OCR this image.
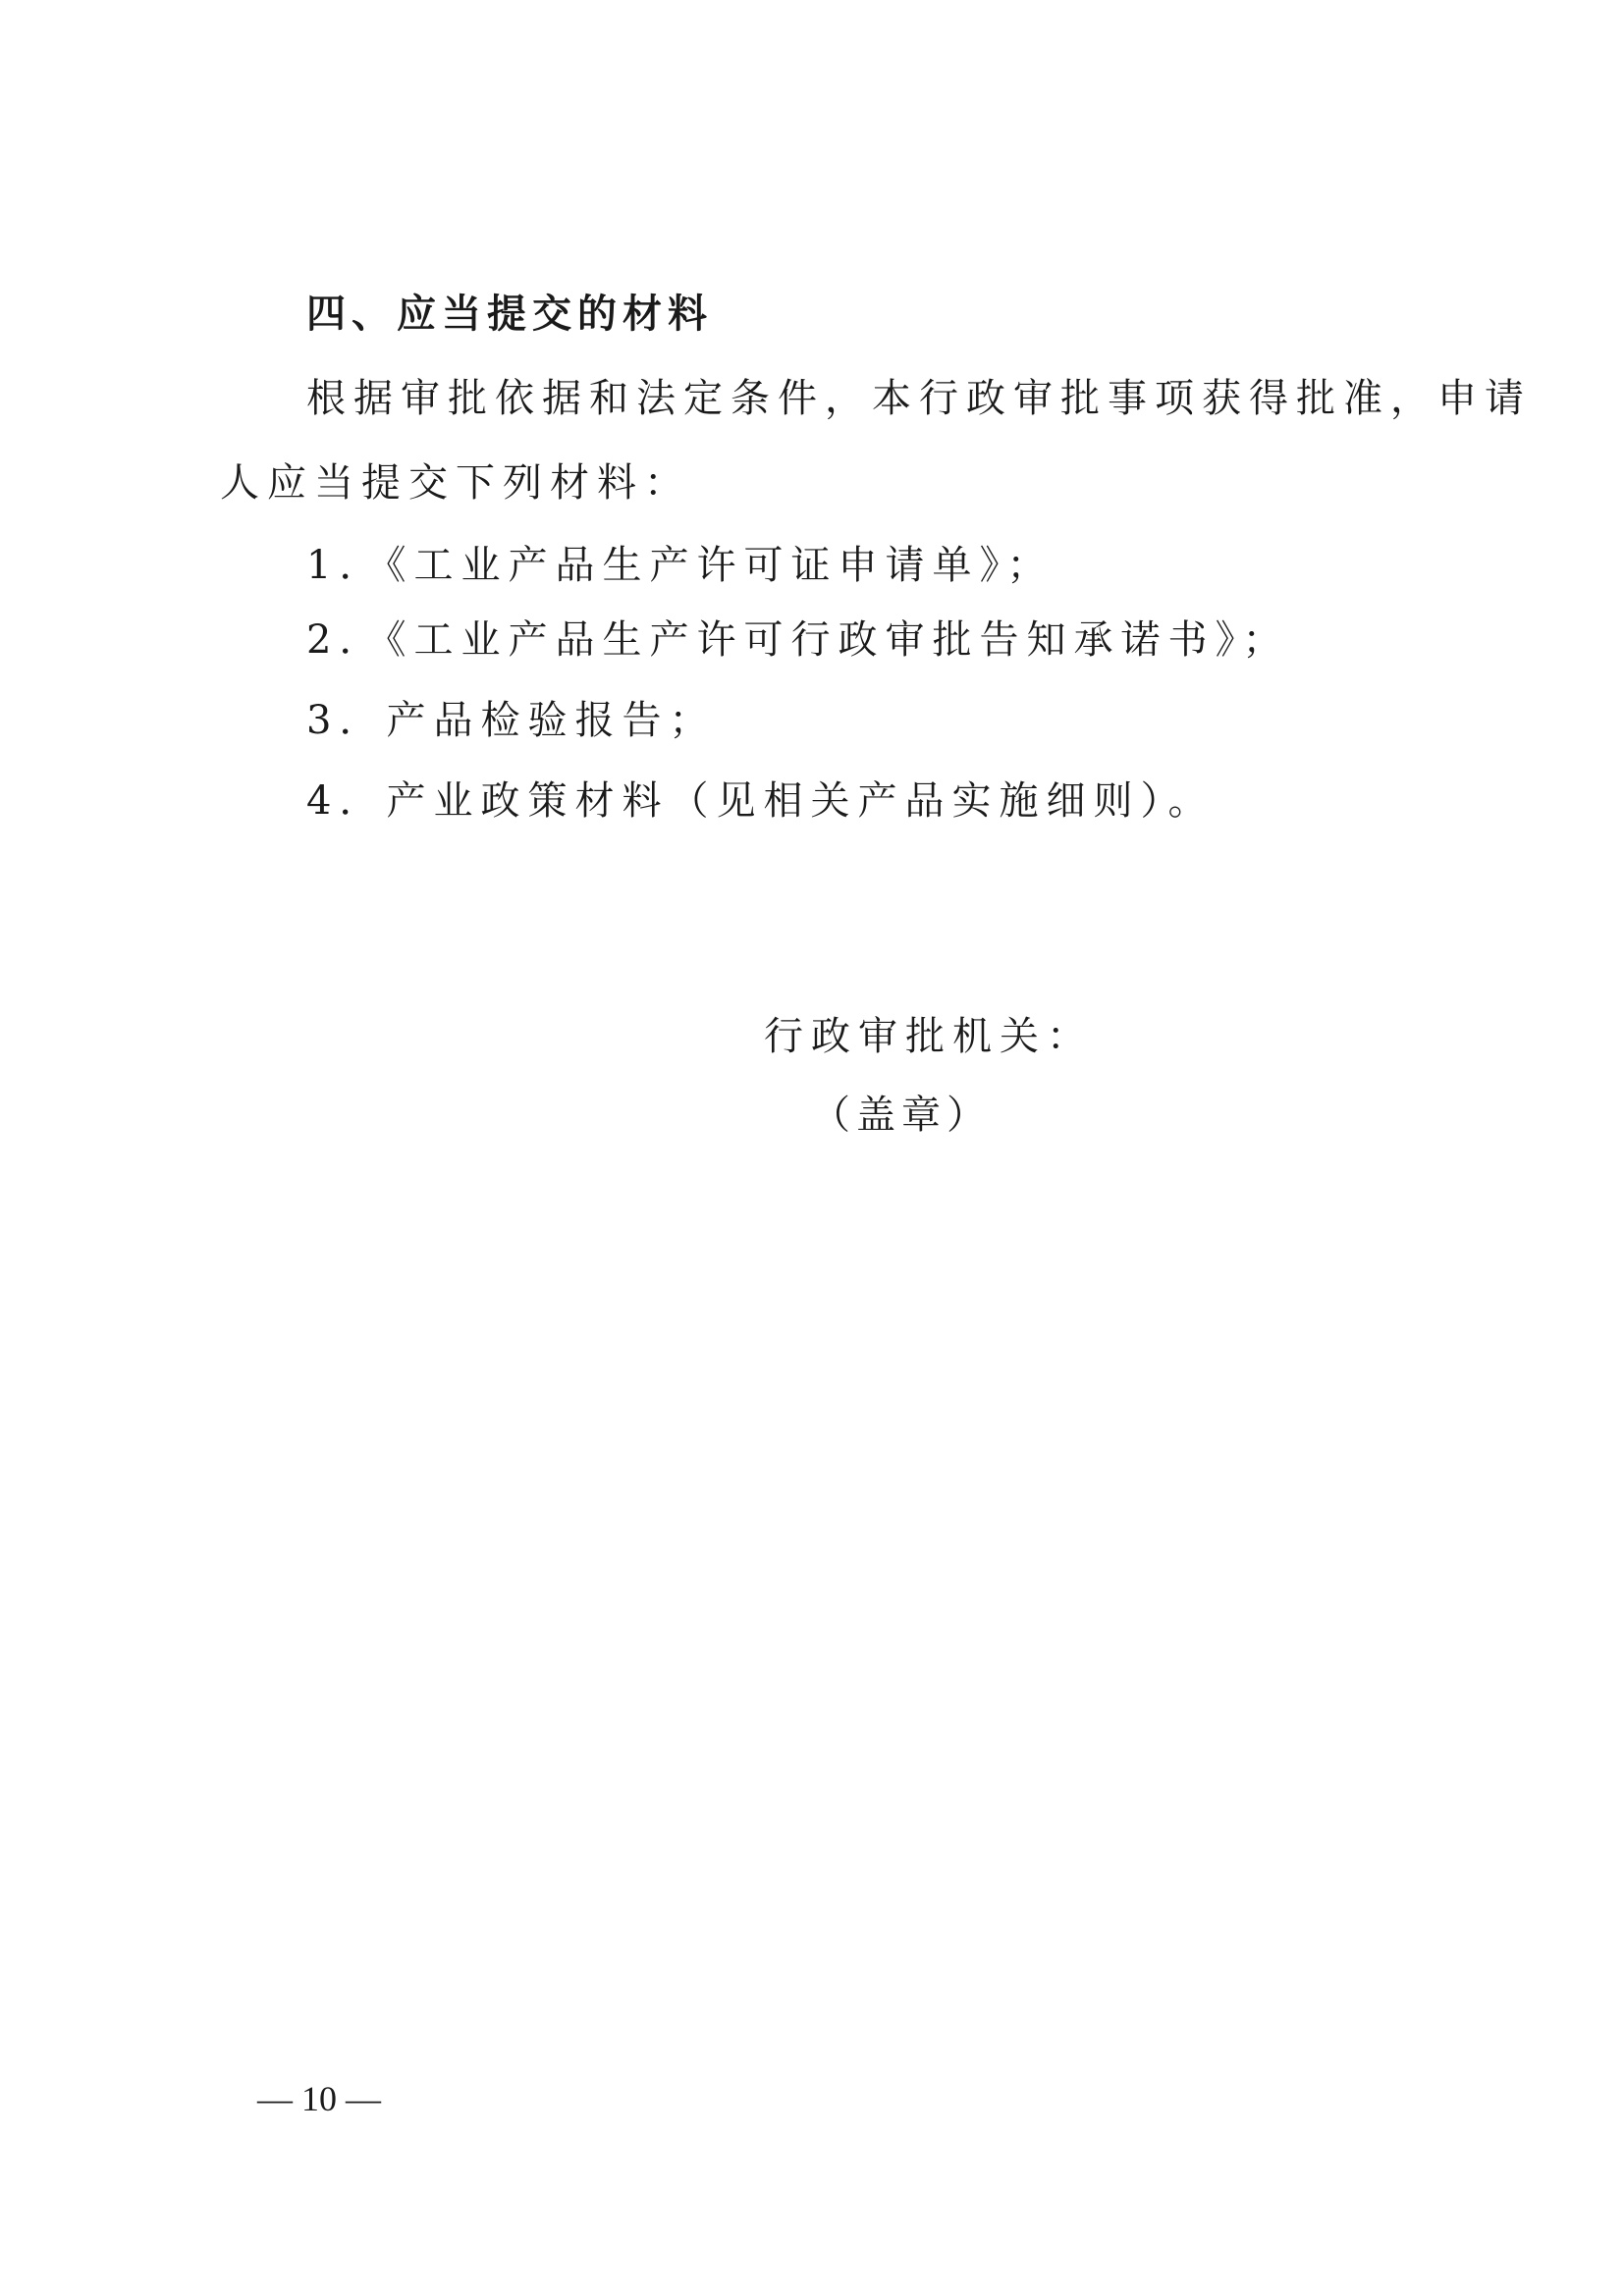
四、应当提交的材料
根据审批依据和法定条件，本行政审批事项获得批准，申请
人应当提交下列材料：
1．《工业产品生产许可证申请单》；
2．《工业产品生产许可行政审批告知承诺书》；
3．产品检验报告；
4．产业政策材料（见相关产品实施细则）。
行政审批机关：
（盖章）
— 10 —
